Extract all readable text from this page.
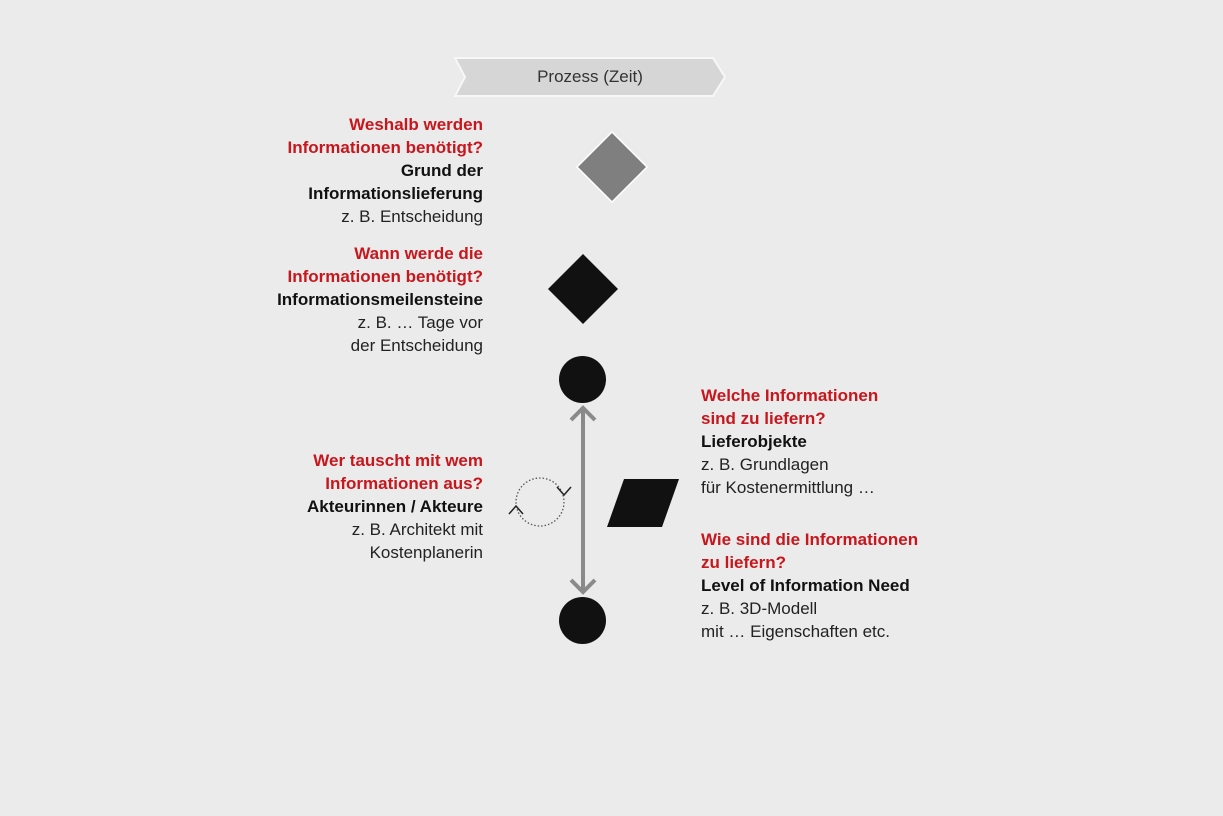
Prozess (Zeit)
Weshalb werden
Informationen benötigt?
Grund der
Informationslieferung
z. B. Entscheidung
Wann werde die
Informationen benötigt?
Informationsmeilensteine
z. B. … Tage vor
der Entscheidung
Wer tauscht mit wem
Informationen aus?
Akteurinnen / Akteure
z. B. Architekt mit
Kostenplanerin
Welche Informationen
sind zu liefern?
Lieferobjekte
z. B. Grundlagen
für Kostenermittlung …
Wie sind die Informationen
zu liefern?
Level of Information Need
z. B. 3D-Modell
mit … Eigenschaften etc.
